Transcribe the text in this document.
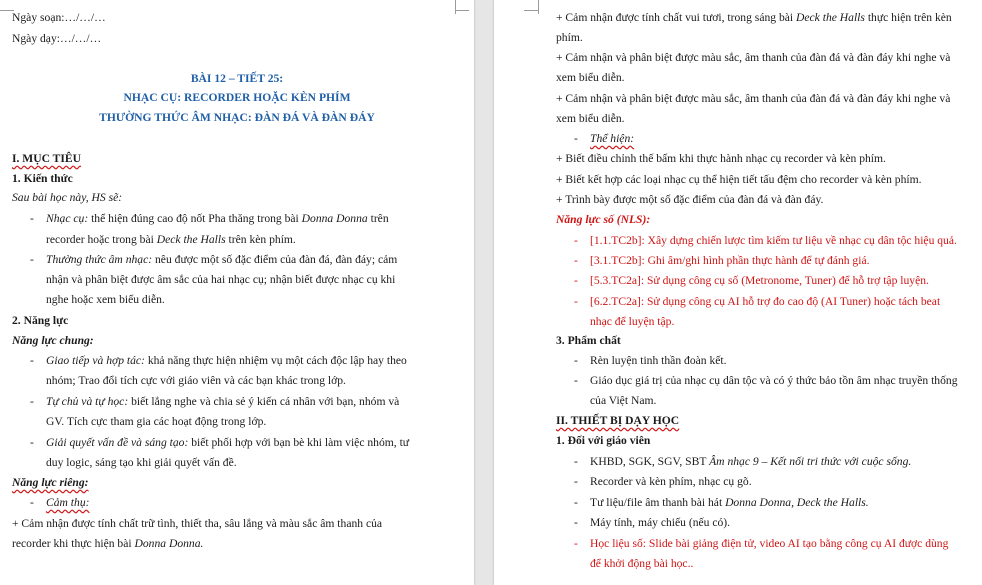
Ngày soạn:…/…/…
Ngày dạy:…/…/…
BÀI 12 – TIẾT 25:
NHẠC CỤ: RECORDER HOẶC KÈN PHÍM
THƯỜNG THỨC ÂM NHẠC: ĐÀN ĐÁ VÀ ĐÀN ĐÁY
I. MỤC TIÊU
1. Kiến thức
Sau bài học này, HS sẽ:
- Nhạc cụ: thể hiện đúng cao độ nốt Pha thăng trong bài Donna Donna trên
recorder hoặc trong bài Deck the Halls trên kèn phím.
- Thường thức âm nhạc: nêu được một số đặc điểm của đàn đá, đàn đáy; cảm
nhận và phân biệt được âm sắc của hai nhạc cụ; nhận biết được nhạc cụ khi
nghe hoặc xem biểu diễn.
2. Năng lực
Năng lực chung:
- Giao tiếp và hợp tác: khả năng thực hiện nhiệm vụ một cách độc lập hay theo
nhóm; Trao đổi tích cực với giáo viên và các bạn khác trong lớp.
- Tự chủ và tự học: biết lắng nghe và chia sẻ ý kiến cá nhân với bạn, nhóm và
GV. Tích cực tham gia các hoạt động trong lớp.
- Giải quyết vấn đề và sáng tạo: biết phối hợp với bạn bè khi làm việc nhóm, tư
duy logic, sáng tạo khi giải quyết vấn đề.
Năng lực riêng:
- Cảm thụ:
+ Cảm nhận được tính chất trữ tình, thiết tha, sâu lắng và màu sắc âm thanh của
recorder khi thực hiện bài Donna Donna.
+ Cảm nhận được tính chất vui tươi, trong sáng bài Deck the Halls thực hiện trên kèn
phím.
+ Cảm nhận và phân biệt được màu sắc, âm thanh của đàn đá và đàn đáy khi nghe và
xem biểu diễn.
+ Cảm nhận và phân biệt được màu sắc, âm thanh của đàn đá và đàn đáy khi nghe và
xem biểu diễn.
- Thể hiện:
+ Biết điều chỉnh thế bấm khi thực hành nhạc cụ recorder và kèn phím.
+ Biết kết hợp các loại nhạc cụ thể hiện tiết tấu đệm cho recorder và kèn phím.
+ Trình bày được một số đặc điểm của đàn đá và đàn đáy.
Năng lực số (NLS):
- [1.1.TC2b]: Xây dựng chiến lược tìm kiếm tư liệu về nhạc cụ dân tộc hiệu quả.
- [3.1.TC2b]: Ghi âm/ghi hình phần thực hành để tự đánh giá.
- [5.3.TC2a]: Sử dụng công cụ số (Metronome, Tuner) để hỗ trợ tập luyện.
- [6.2.TC2a]: Sử dụng công cụ AI hỗ trợ đo cao độ (AI Tuner) hoặc tách beat
nhạc để luyện tập.
3. Phẩm chất
- Rèn luyện tinh thần đoàn kết.
- Giáo dục giá trị của nhạc cụ dân tộc và có ý thức bảo tồn âm nhạc truyền thống
của Việt Nam.
II. THIẾT BỊ DẠY HỌC
1. Đối với giáo viên
- KHBD, SGK, SGV, SBT Âm nhạc 9 – Kết nối tri thức với cuộc sống.
- Recorder và kèn phím, nhạc cụ gõ.
- Tư liệu/file âm thanh bài hát Donna Donna, Deck the Halls.
- Máy tính, máy chiếu (nếu có).
- Học liệu số: Slide bài giảng điện tử, video AI tạo bằng công cụ AI được dùng
để khởi động bài học..
